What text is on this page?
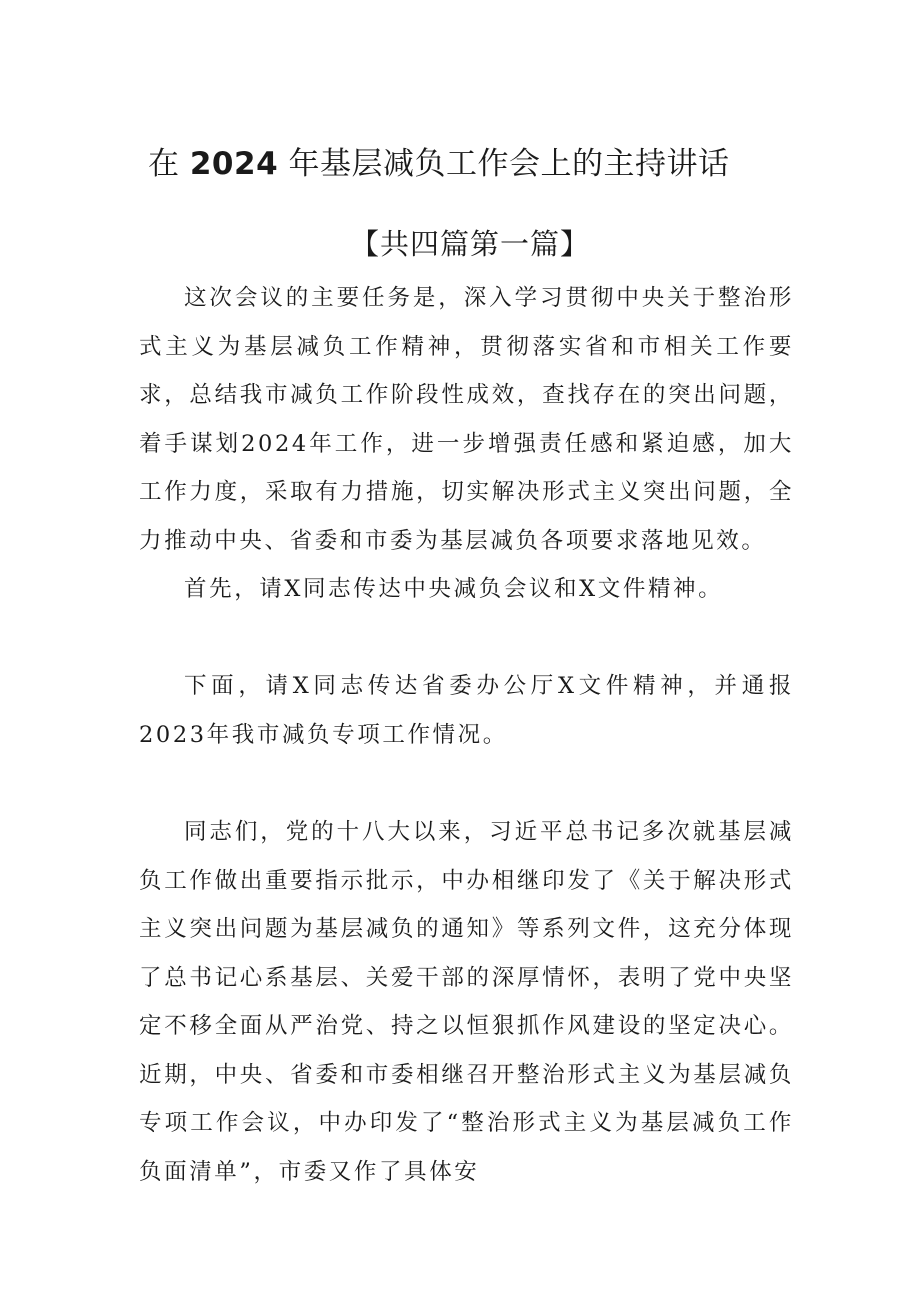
在 2024 年基层减负工作会上的主持讲话
【共四篇第一篇】

这次会议的主要任务是，深入学习贯彻中央关于整治形式主义为基层减负工作精神，贯彻落实省和市相关工作要求，总结我市减负工作阶段性成效，查找存在的突出问题，着手谋划2024年工作，进一步增强责任感和紧迫感，加大工作力度，采取有力措施，切实解决形式主义突出问题，全力推动中央、省委和市委为基层减负各项要求落地见效。

首先，请X同志传达中央减负会议和X文件精神。

下面，请X同志传达省委办公厅X文件精神，并通报2023年我市减负专项工作情况。

同志们，党的十八大以来，习近平总书记多次就基层减负工作做出重要指示批示，中办相继印发了《关于解决形式主义突出问题为基层减负的通知》等系列文件，这充分体现了总书记心系基层、关爱干部的深厚情怀，表明了党中央坚定不移全面从严治党、持之以恒狠抓作风建设的坚定决心。近期，中央、省委和市委相继召开整治形式主义为基层减负专项工作会议，中办印发了“整治形式主义为基层减负工作负面清单”，市委又作了具体安
